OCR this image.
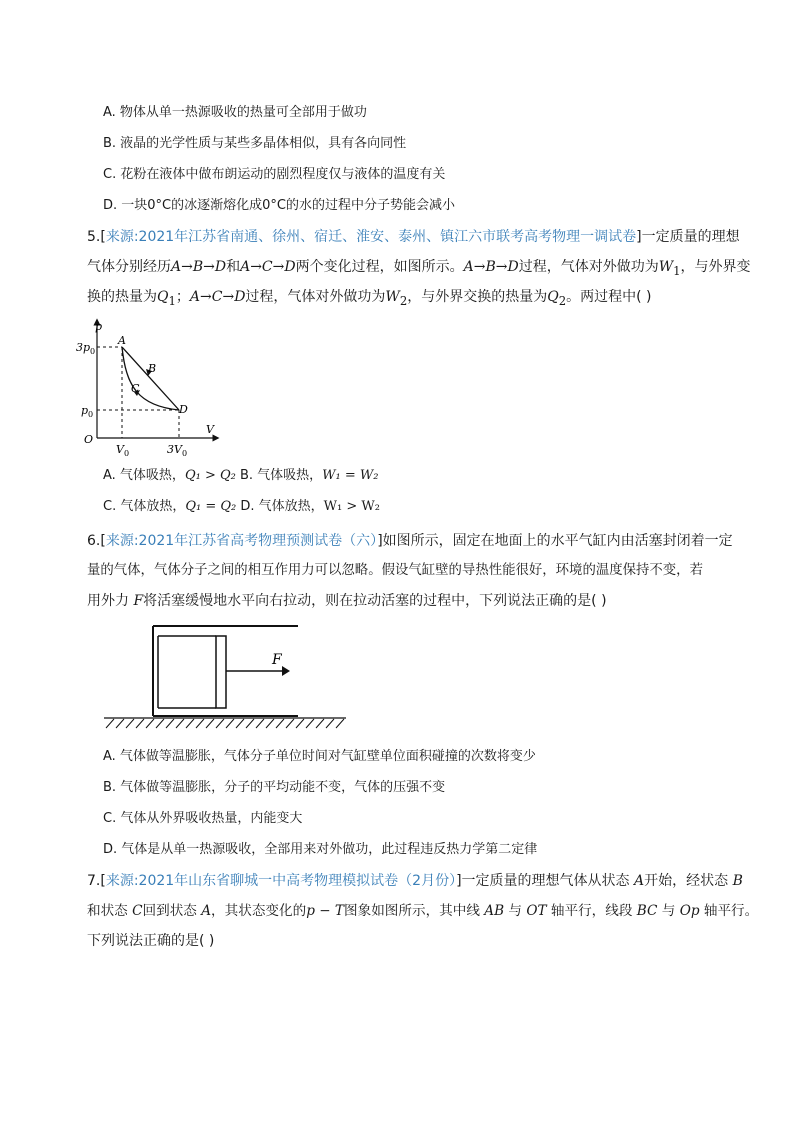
A. 物体从单一热源吸收的热量可全部用于做功
B. 液晶的光学性质与某些多晶体相似，具有各向同性
C. 花粉在液体中做布朗运动的剧烈程度仅与液体的温度有关
D. 一块0°C的冰逐渐熔化成0°C的水的过程中分子势能会减小
5.[来源:2021年江苏省南通、徐州、宿迁、淮安、泰州、镇江六市联考高考物理一调试卷]一定质量的理想
气体分别经历A→B→D和A→C→D两个变化过程，如图所示。A→B→D过程，气体对外做功为$W_1$，与外界变
换的热量为$Q_1$；A→C→D过程，气体对外做功为$W_2$，与外界交换的热量为$Q_2$。两过程中( )
p
V
O
$3p_0$
$p_0$
$V_0$	$3V_0$
A
B
C
D
A. 气体吸热，Q₁ > Q₂ B. 气体吸热，W₁ = W₂
C. 气体放热，Q₁ = Q₂ D. 气体放热，W₁ > W₂
6.[来源:2021年江苏省高考物理预测试卷（六）]如图所示，固定在地面上的水平气缸内由活塞封闭着一定
量的气体，气体分子之间的相互作用力可以忽略。假设气缸壁的导热性能很好，环境的温度保持不变，若
用外力 F将活塞缓慢地水平向右拉动，则在拉动活塞的过程中，下列说法正确的是( )
F
A. 气体做等温膨胀，气体分子单位时间对气缸壁单位面积碰撞的次数将变少
B. 气体做等温膨胀，分子的平均动能不变，气体的压强不变
C. 气体从外界吸收热量，内能变大
D. 气体是从单一热源吸收，全部用来对外做功，此过程违反热力学第二定律
7.[来源:2021年山东省聊城一中高考物理模拟试卷（2月份）]一定质量的理想气体从状态 A开始，经状态 B
和状态 C回到状态 A，其状态变化的p − T图象如图所示，其中线 AB 与 OT 轴平行，线段 BC 与 Op 轴平行。
下列说法正确的是( )
